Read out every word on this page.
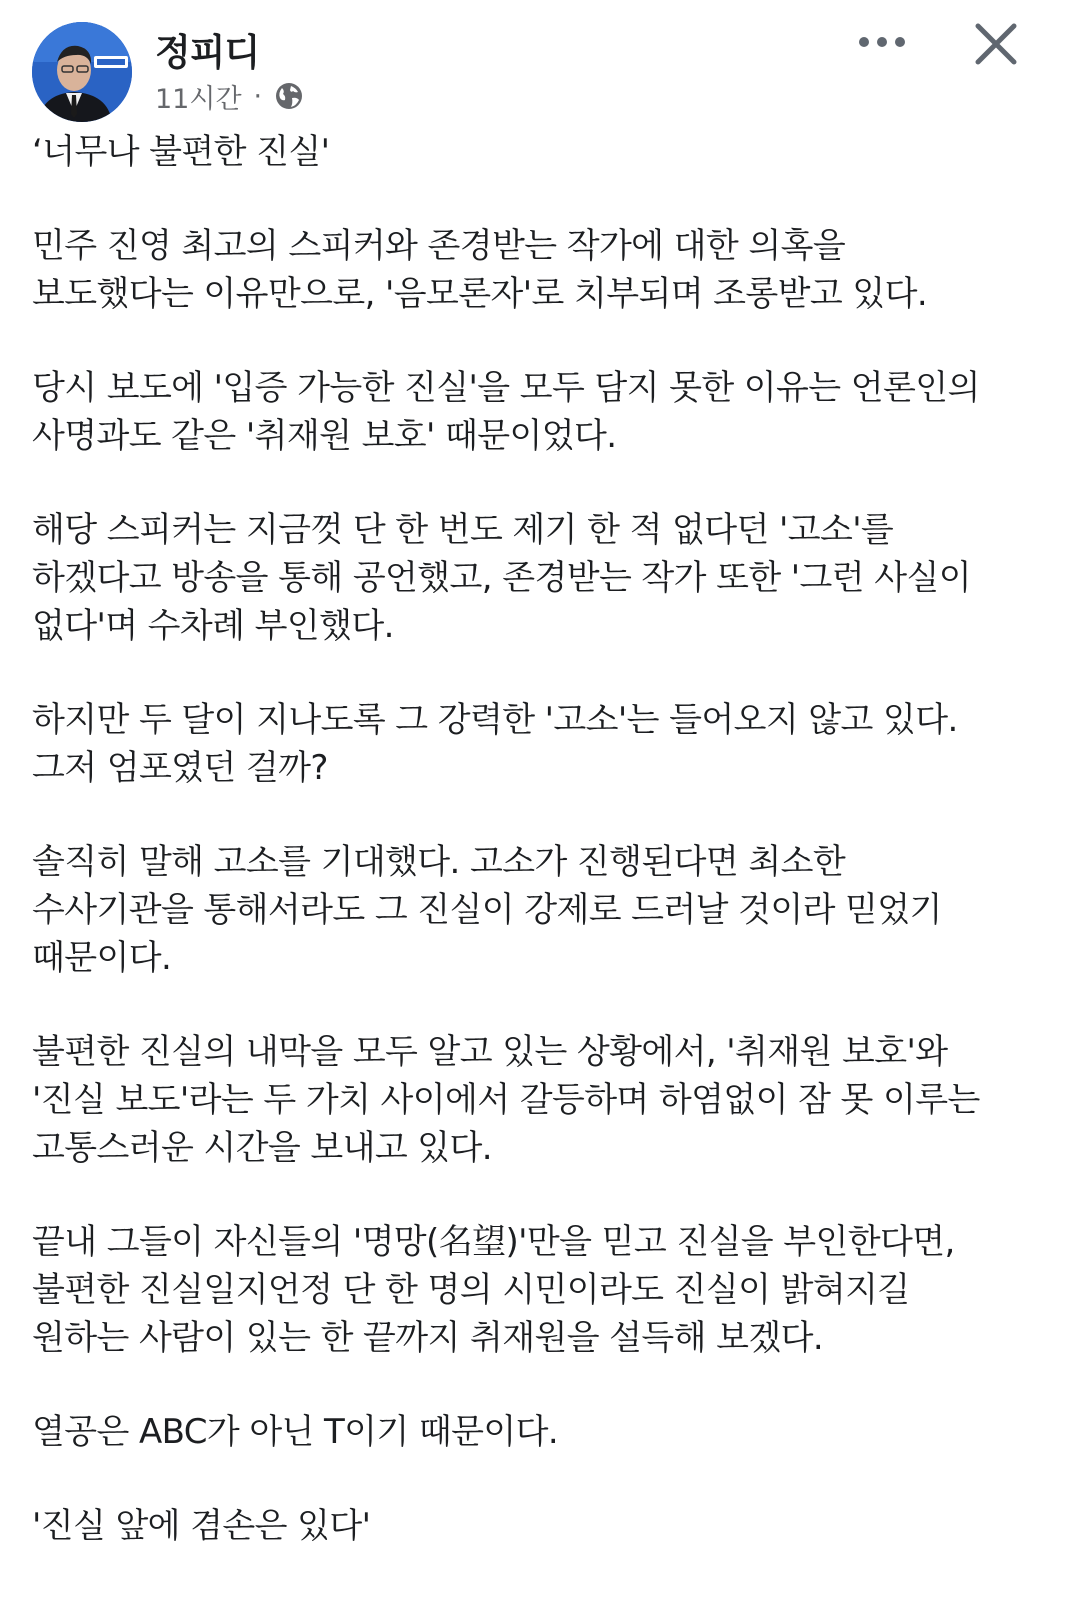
정피디
11시간 ·

‘너무나 불편한 진실'

민주 진영 최고의 스피커와 존경받는 작가에 대한 의혹을
보도했다는 이유만으로, '음모론자'로 치부되며 조롱받고 있다.

당시 보도에 '입증 가능한 진실'을 모두 담지 못한 이유는 언론인의
사명과도 같은 '취재원 보호' 때문이었다.

해당 스피커는 지금껏 단 한 번도 제기 한 적 없다던 '고소'를
하겠다고 방송을 통해 공언했고, 존경받는 작가 또한 '그런 사실이
없다'며 수차례 부인했다.

하지만 두 달이 지나도록 그 강력한 '고소'는 들어오지 않고 있다.
그저 엄포였던 걸까?

솔직히 말해 고소를 기대했다. 고소가 진행된다면 최소한
수사기관을 통해서라도 그 진실이 강제로 드러날 것이라 믿었기
때문이다.

불편한 진실의 내막을 모두 알고 있는 상황에서, '취재원 보호'와
'진실 보도'라는 두 가치 사이에서 갈등하며 하염없이 잠 못 이루는
고통스러운 시간을 보내고 있다.

끝내 그들이 자신들의 '명망(名望)'만을 믿고 진실을 부인한다면,
불편한 진실일지언정 단 한 명의 시민이라도 진실이 밝혀지길
원하는 사람이 있는 한 끝까지 취재원을 설득해 보겠다.

열공은 ABC가 아닌 T이기 때문이다.

'진실 앞에 겸손은 있다'
